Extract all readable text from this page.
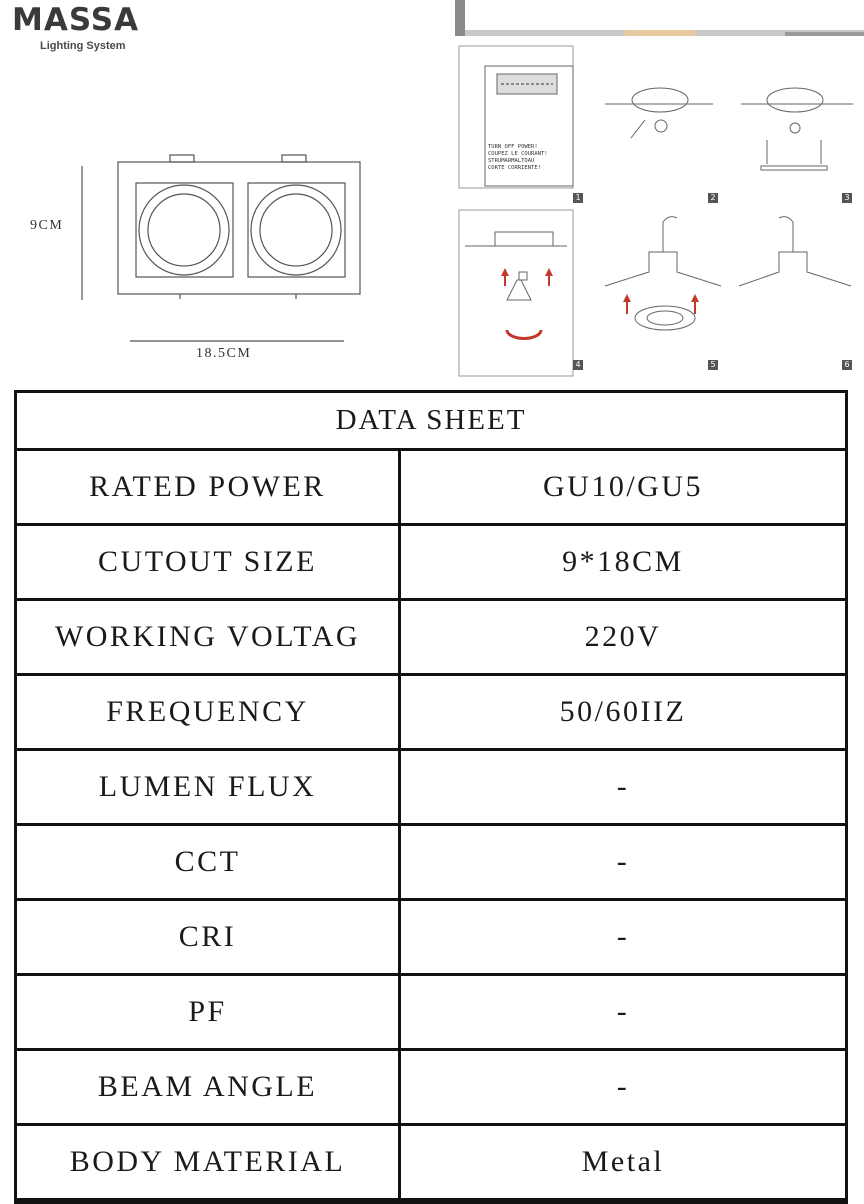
MASSA
Lighting System
9CM
18.5CM
1	2	3
4	5	6
TURN OFF POWER!
COUPEZ LE COURANT!
STRUMARMALTOAU
CORTE CORRIENTE!
DATA SHEET
RATED POWER	GU10/GU5
CUTOUT SIZE	9*18CM
WORKING VOLTAG	220V
FREQUENCY	50/60IIZ
LUMEN FLUX	-
CCT	-
CRI	-
PF	-
BEAM ANGLE	-
BODY MATERIAL	Metal
